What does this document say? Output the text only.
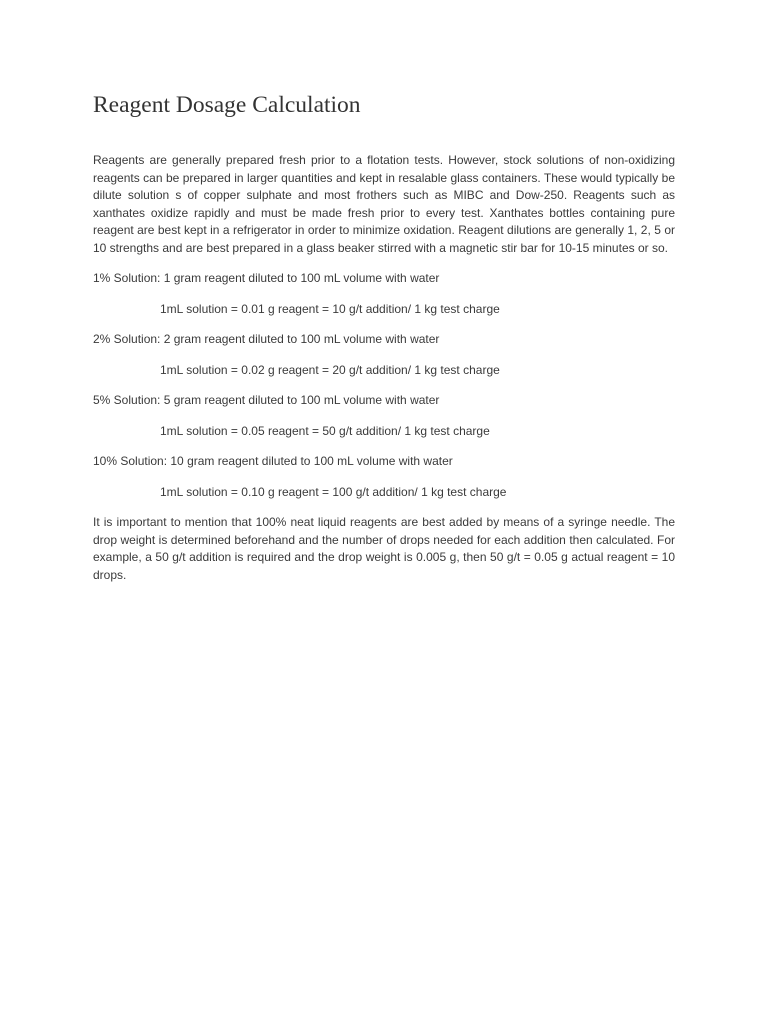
Reagent Dosage Calculation

Reagents are generally prepared fresh prior to a flotation tests. However, stock solutions of non-oxidizing reagents can be prepared in larger quantities and kept in resalable glass containers. These would typically be dilute solution s of copper sulphate and most frothers such as MIBC and Dow-250. Reagents such as xanthates oxidize rapidly and must be made fresh prior to every test. Xanthates bottles containing pure reagent are best kept in a refrigerator in order to minimize oxidation. Reagent dilutions are generally 1, 2, 5 or 10 strengths and are best prepared in a glass beaker stirred with a magnetic stir bar for 10-15 minutes or so.

1% Solution: 1 gram reagent diluted to 100 mL volume with water

1mL solution = 0.01 g reagent = 10 g/t addition/ 1 kg test charge

2% Solution: 2 gram reagent diluted to 100 mL volume with water

1mL solution = 0.02 g reagent = 20 g/t addition/ 1 kg test charge

5% Solution: 5 gram reagent diluted to 100 mL volume with water

1mL solution = 0.05 reagent = 50 g/t addition/ 1 kg test charge

10% Solution: 10 gram reagent diluted to 100 mL volume with water

1mL solution = 0.10 g reagent = 100 g/t addition/ 1 kg test charge

It is important to mention that 100% neat liquid reagents are best added by means of a syringe needle. The drop weight is determined beforehand and the number of drops needed for each addition then calculated. For example, a 50 g/t addition is required and the drop weight is 0.005 g, then 50 g/t = 0.05 g actual reagent = 10 drops.
